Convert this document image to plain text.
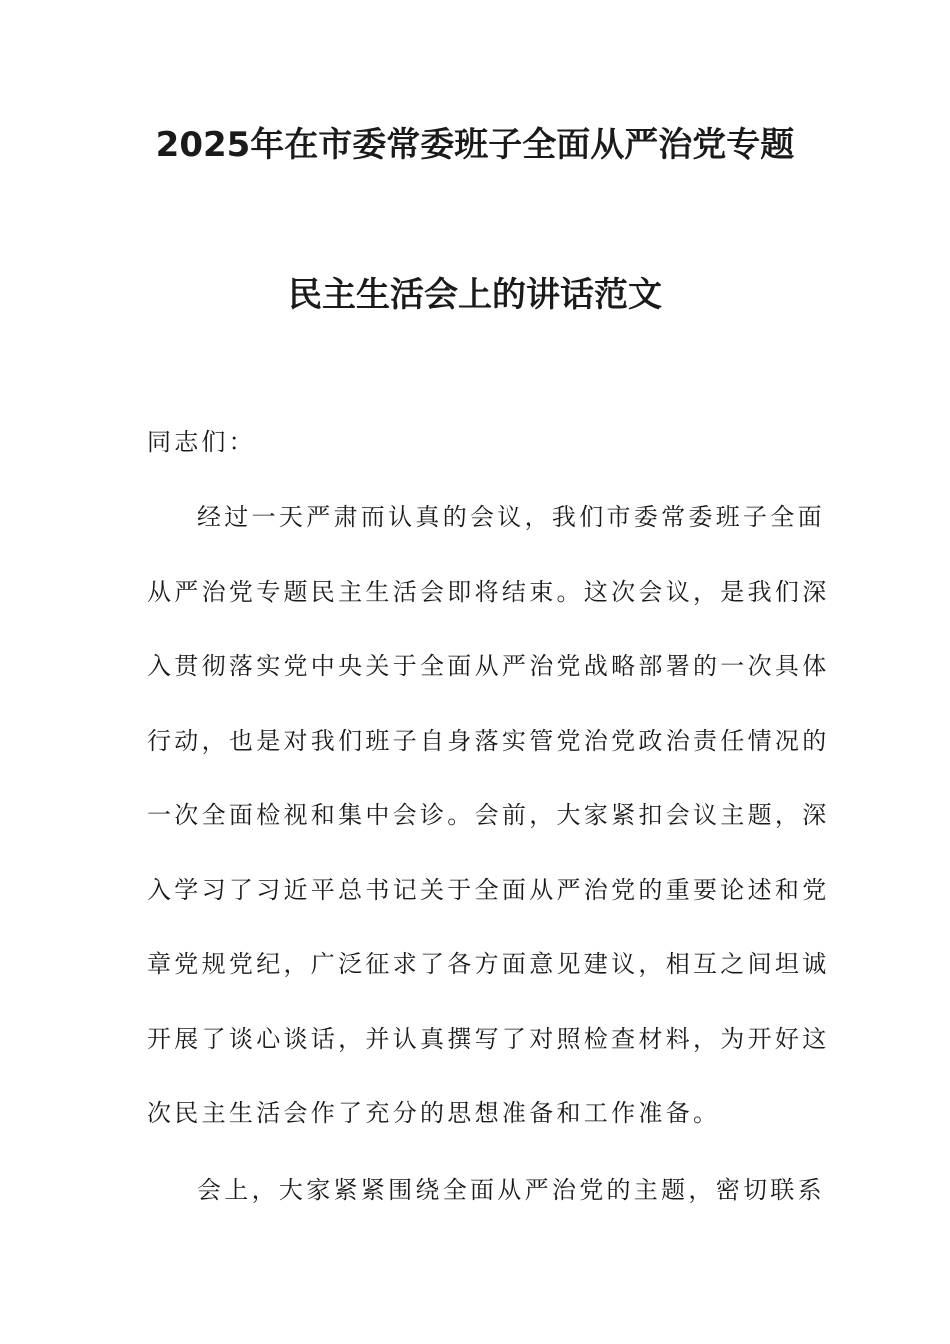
2025年在市委常委班子全面从严治党专题
民主生活会上的讲话范文
同志们：
经过一天严肃而认真的会议，我们市委常委班子全面
从严治党专题民主生活会即将结束。这次会议，是我们深
入贯彻落实党中央关于全面从严治党战略部署的一次具体
行动，也是对我们班子自身落实管党治党政治责任情况的
一次全面检视和集中会诊。会前，大家紧扣会议主题，深
入学习了习近平总书记关于全面从严治党的重要论述和党
章党规党纪，广泛征求了各方面意见建议，相互之间坦诚
开展了谈心谈话，并认真撰写了对照检查材料，为开好这
次民主生活会作了充分的思想准备和工作准备。
会上，大家紧紧围绕全面从严治党的主题，密切联系
